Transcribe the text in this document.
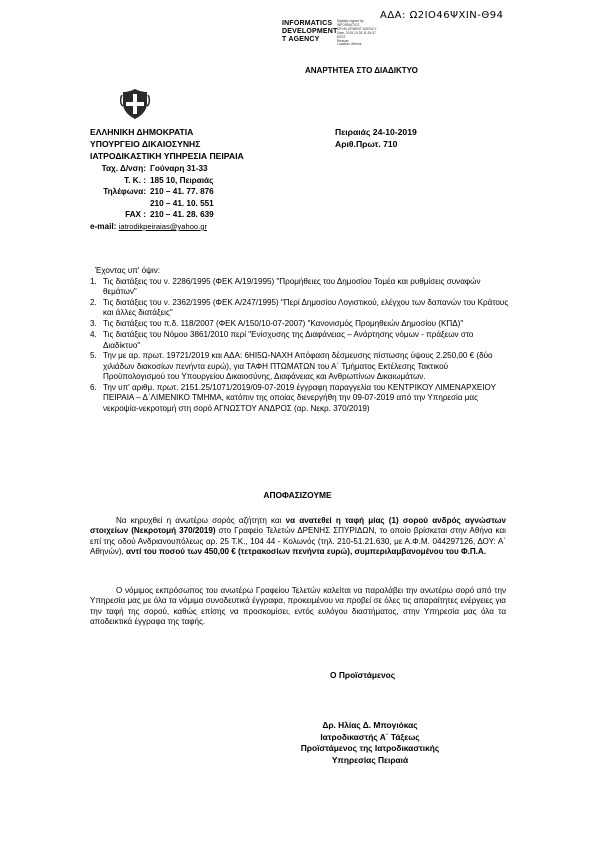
ΑΔΑ: Ω2ΙΟ46ΨΧΙΝ-Θ94
INFORMATICS
DEVELOPMENT
T AGENCY
Digitally signed by
INFORMATICS
DEVELOPMENT AGENCY
Date: 2019.10.28 11:34:37
EEST
Reason:
Location: Athens
ΑΝΑΡΤΗΤΕΑ ΣΤΟ ΔΙΑΔΙΚΤΥΟ
ΕΛΛΗΝΙΚΗ ΔΗΜΟΚΡΑΤΙΑ
ΥΠΟΥΡΓΕΙΟ ΔΙΚΑΙΟΣΥΝΗΣ
ΙΑΤΡΟΔΙΚΑΣΤΙΚΗ ΥΠΗΡΕΣΙΑ ΠΕΙΡΑΙΑ
Πειραιάς 24-10-2019
Αριθ.Πρωτ. 710
Ταχ. Δ/νση: Γούναρη 31-33
Τ. Κ. : 185 10, Πειραιάς
Τηλέφωνα: 210 – 41. 77. 876
210 – 41. 10. 551
FAX : 210 – 41. 28. 639
e-mail:
iatrodikpeiraias@yahoo.gr
Έχοντας υπ' όψιν:
1. Τις διατάξεις του ν. 2286/1995 (ΦΕΚ Α/19/1995) "Προμήθειες του Δημοσίου Τομέα και ρυθμίσεις συναφών θεμάτων"
2. Τις διατάξεις του ν. 2362/1995 (ΦΕΚ Α/247/1995) "Περί Δημοσίου Λογιστικού, ελέγχου των δαπανών του Κράτους και άλλες διατάξεις"
3. Τις διατάξεις του π.δ. 118/2007 (ΦΕΚ Α/150/10-07-2007) "Κανονισμός Προμηθειών Δημοσίου (ΚΠΔ)"
4. Τις διατάξεις του Νόμου 3861/2010 περί "Ενίσχυσης της Διαφάνειας – Ανάρτησης νόμων - πράξεων στο Διαδίκτυο"
5. Την με αρ. πρωτ. 19721/2019 και ΑΔΑ: 6ΗΙ5Ω-ΝΑΧΗ Απόφαση δέσμευσης πίστωσης ύψους 2.250,00 € (δύο χιλιάδων διακοσίων πενήντα ευρώ), για ΤΑΦΗ ΠΤΩΜΑΤΩΝ του Α΄ Τμήματος Εκτέλεσης Τακτικού Προϋπολογισμού του Υπουργείου Δικαιοσύνης, Διαφάνειας και Ανθρωπίνων Δικαιωμάτων.
6. Την υπ' αριθμ. πρωτ. 2151.25/1071/2019/09-07-2019 έγγραφη παραγγελία του ΚΕΝΤΡΙΚΟΥ ΛΙΜΕΝΑΡΧΕΙΟΥ ΠΕΙΡΑΙΑ – Δ΄ΛΙΜΕΝΙΚΟ ΤΜΗΜΑ, κατόπιν της οποίας διενεργήθη την 09-07-2019 από την Υπηρεσία μας νεκροψία-νεκροτομή στη σορό ΑΓΝΩΣΤΟΥ ΑΝΔΡΟΣ (αρ. Νεκρ. 370/2019)
ΑΠΟΦΑΣΙΖΟΥΜΕ
Να κηρυχθεί η ανωτέρω σορός αζήτητη και να ανατεθεί η ταφή μίας (1) σορού ανδρός αγνώστων στοιχείων (Νεκροτομή 370/2019) στο Γραφείο Τελετών ΔΡΕΝΗΣ ΣΠΥΡΙΔΩΝ, το οποίο βρίσκεται στην Αθήνα και επί της οδού Ανδριανουπόλεως αρ. 25 Τ.Κ., 104 44 - Κολωνός (τηλ. 210-51.21.630, με Α.Φ.Μ. 044297126, ΔΟΥ: Α΄ Αθηνών), αντί του ποσού των 450,00 € (τετρακοσίων πενήντα ευρώ), συμπεριλαμβανομένου του Φ.Π.Α.
Ο νόμιμος εκπρόσωπος του ανωτέρω Γραφείου Τελετών καλείται να παραλάβει την ανωτέρω σορό από την Υπηρεσία μας με όλα τα νόμιμα συνοδευτικά έγγραφα, προκειμένου να προβεί σε όλες τις απαραίτητες ενέργειες για την ταφή της σορού, καθώς επίσης να προσκομίσει, εντός ευλόγου διαστήματος, στην Υπηρεσία μας όλα τα αποδεικτικά έγγραφα της ταφής.
Ο Προϊστάμενος
Δρ. Ηλίας Δ. Μπογιόκας
Ιατροδικαστής Α΄ Τάξεως
Προϊστάμενος της Ιατροδικαστικής
Υπηρεσίας Πειραιά
